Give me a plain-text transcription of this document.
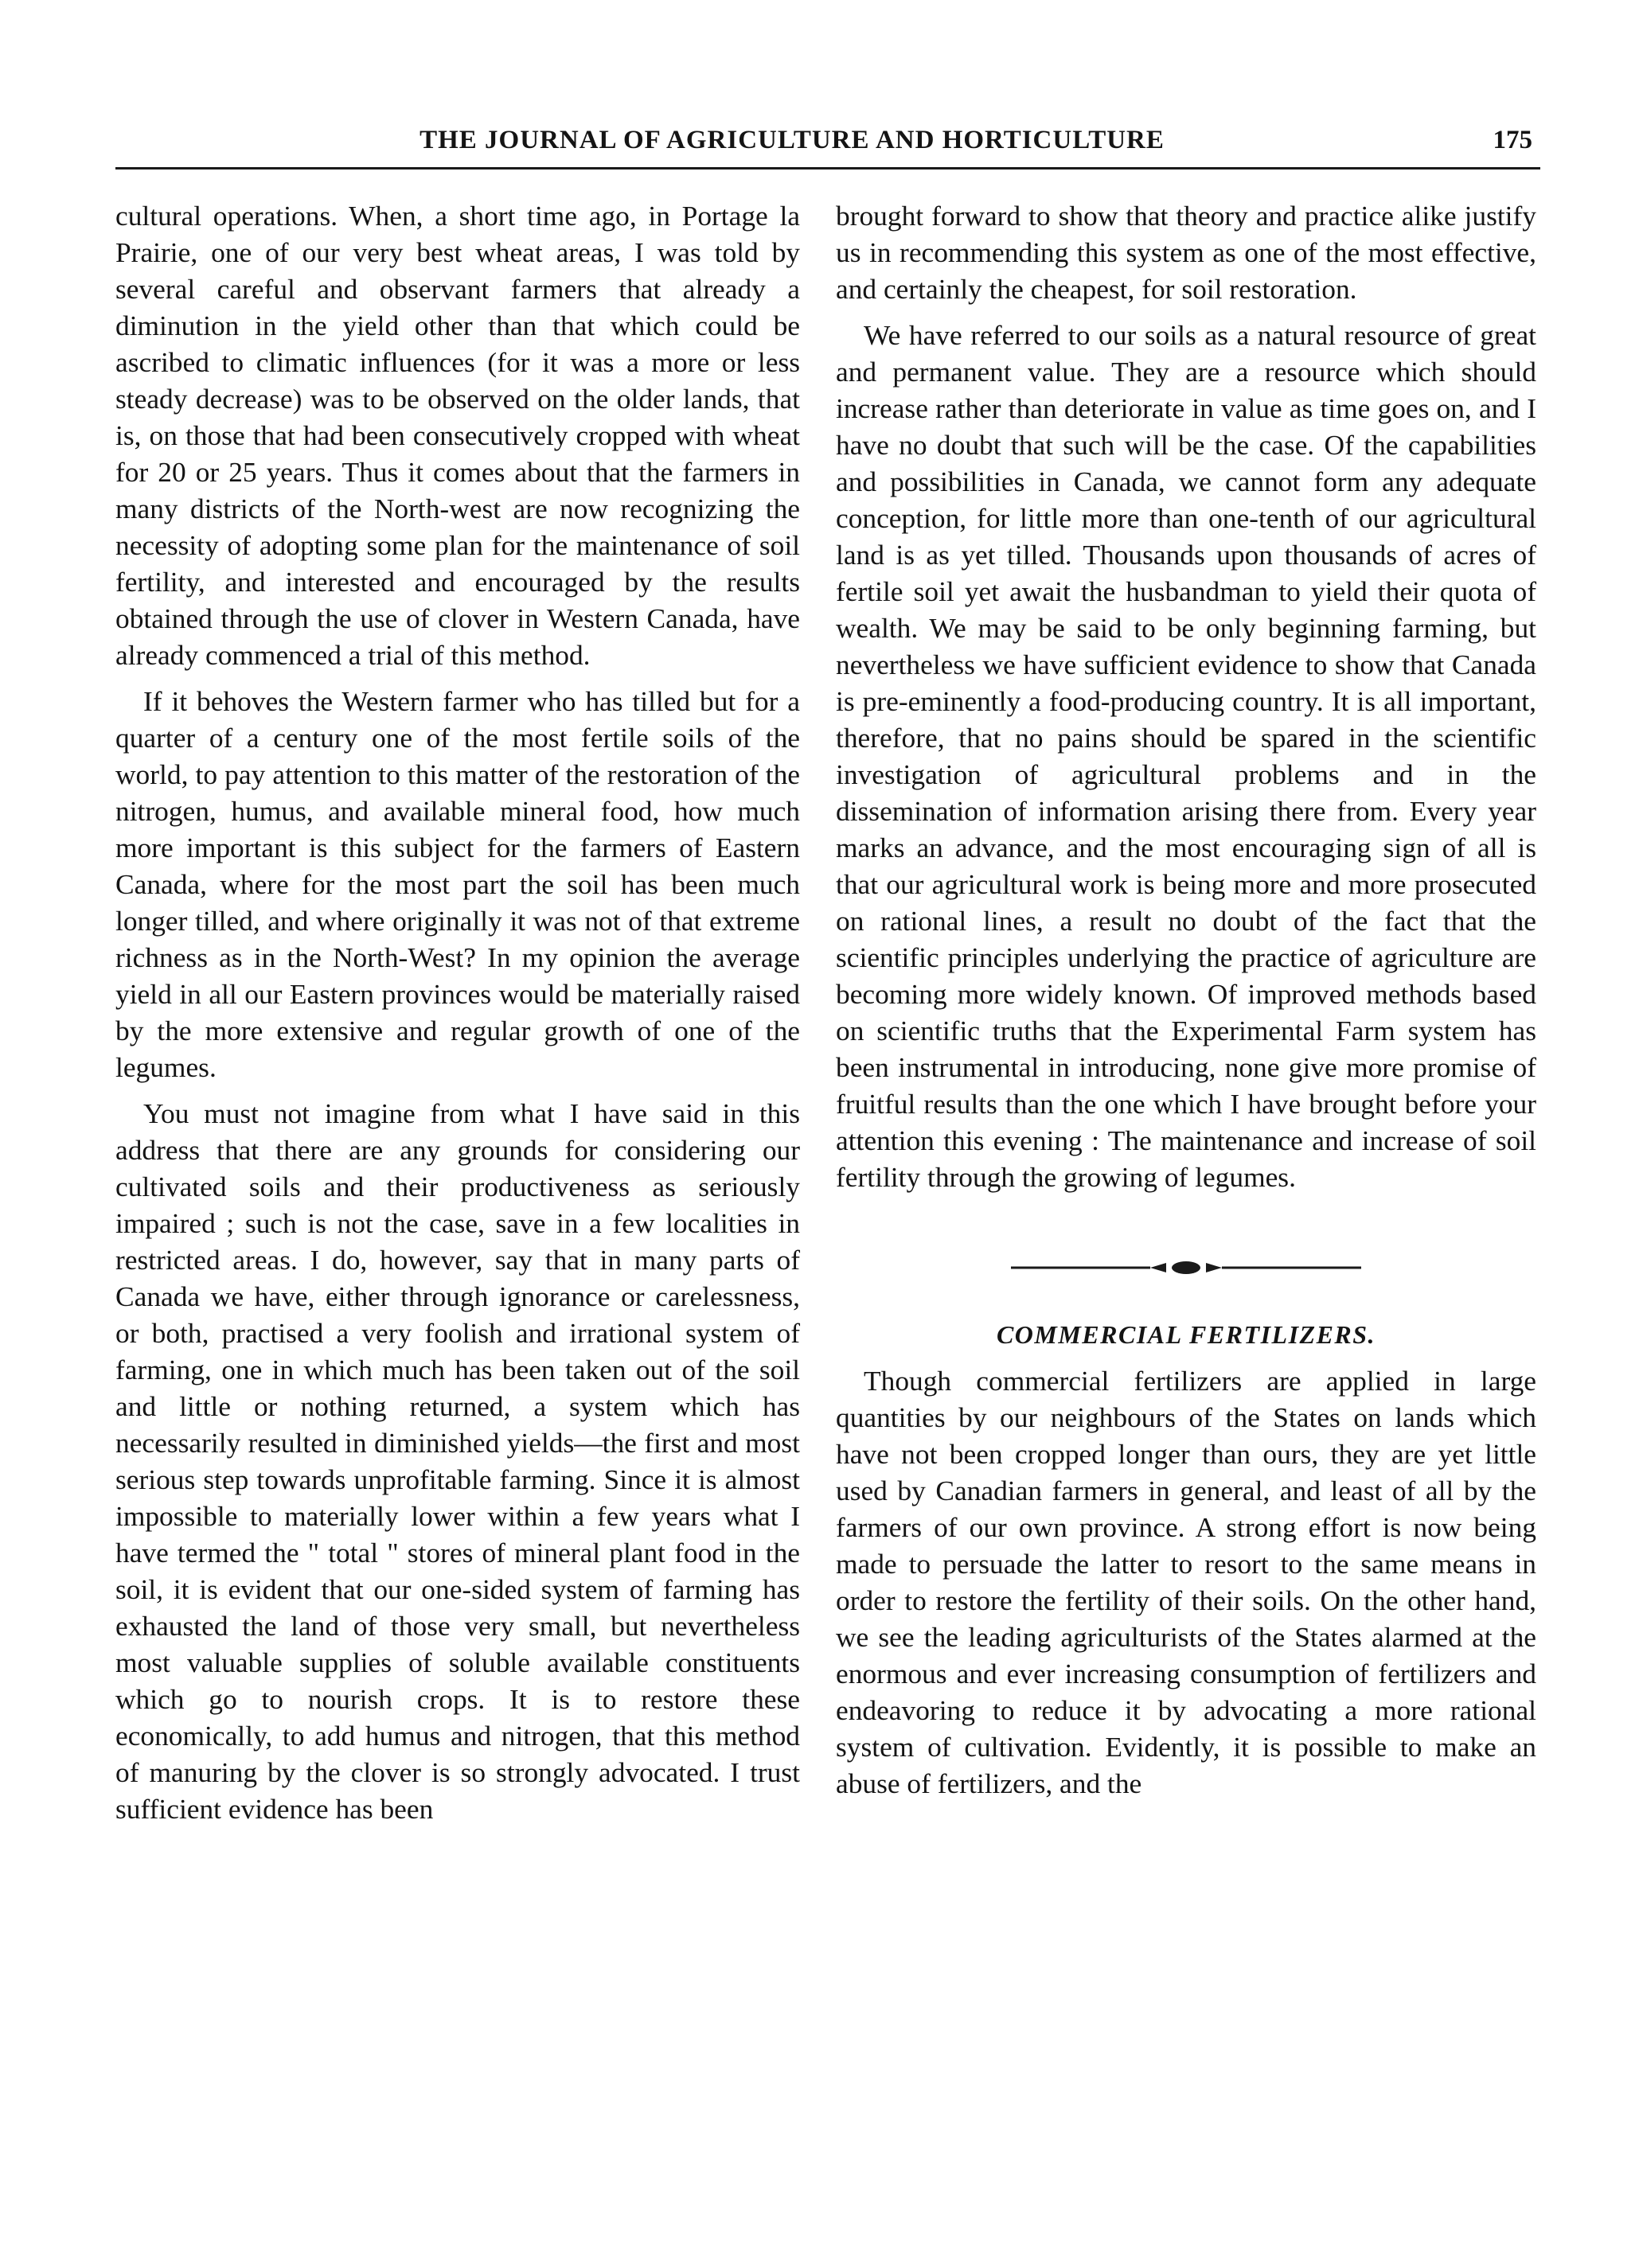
THE JOURNAL OF AGRICULTURE AND HORTICULTURE	175

cultural operations. When, a short time ago, in Portage la Prairie, one of our very best wheat areas, I was told by several careful and observant farmers that already a diminution in the yield other than that which could be ascribed to climatic influences (for it was a more or less steady decrease) was to be observed on the older lands, that is, on those that had been consecutively cropped with wheat for 20 or 25 years. Thus it comes about that the farmers in many districts of the North-west are now recognizing the necessity of adopting some plan for the maintenance of soil fertility, and interested and encouraged by the results obtained through the use of clover in Western Canada, have already commenced a trial of this method.

If it behoves the Western farmer who has tilled but for a quarter of a century one of the most fertile soils of the world, to pay attention to this matter of the restoration of the nitrogen, humus, and available mineral food, how much more important is this subject for the farmers of Eastern Canada, where for the most part the soil has been much longer tilled, and where originally it was not of that extreme richness as in the North-West? In my opinion the average yield in all our Eastern provinces would be materially raised by the more extensive and regular growth of one of the legumes.

You must not imagine from what I have said in this address that there are any grounds for considering our cultivated soils and their productiveness as seriously impaired ; such is not the case, save in a few localities in restricted areas. I do, however, say that in many parts of Canada we have, either through ignorance or carelessness, or both, practised a very foolish and irrational system of farming, one in which much has been taken out of the soil and little or nothing returned, a system which has necessarily resulted in diminished yields—the first and most serious step towards unprofitable farming. Since it is almost impossible to materially lower within a few years what I have termed the " total " stores of mineral plant food in the soil, it is evident that our one-sided system of farming has exhausted the land of those very small, but nevertheless most valuable supplies of soluble available constituents which go to nourish crops. It is to restore these economically, to add humus and nitrogen, that this method of manuring by the clover is so strongly advocated. I trust sufficient evidence has been

brought forward to show that theory and practice alike justify us in recommending this system as one of the most effective, and certainly the cheapest, for soil restoration.

We have referred to our soils as a natural resource of great and permanent value. They are a resource which should increase rather than deteriorate in value as time goes on, and I have no doubt that such will be the case. Of the capabilities and possibilities in Canada, we cannot form any adequate conception, for little more than one-tenth of our agricultural land is as yet tilled. Thousands upon thousands of acres of fertile soil yet await the husbandman to yield their quota of wealth. We may be said to be only beginning farming, but nevertheless we have sufficient evidence to show that Canada is pre-eminently a food-producing country. It is all important, therefore, that no pains should be spared in the scientific investigation of agricultural problems and in the dissemination of information arising there from. Every year marks an advance, and the most encouraging sign of all is that our agricultural work is being more and more prosecuted on rational lines, a result no doubt of the fact that the scientific principles underlying the practice of agriculture are becoming more widely known. Of improved methods based on scientific truths that the Experimental Farm system has been instrumental in introducing, none give more promise of fruitful results than the one which I have brought before your attention this evening : The maintenance and increase of soil fertility through the growing of legumes.

COMMERCIAL FERTILIZERS.

Though commercial fertilizers are applied in large quantities by our neighbours of the States on lands which have not been cropped longer than ours, they are yet little used by Canadian farmers in general, and least of all by the farmers of our own province. A strong effort is now being made to persuade the latter to resort to the same means in order to restore the fertility of their soils. On the other hand, we see the leading agriculturists of the States alarmed at the enormous and ever increasing consumption of fertilizers and endeavoring to reduce it by advocating a more rational system of cultivation. Evidently, it is possible to make an abuse of fertilizers, and the
